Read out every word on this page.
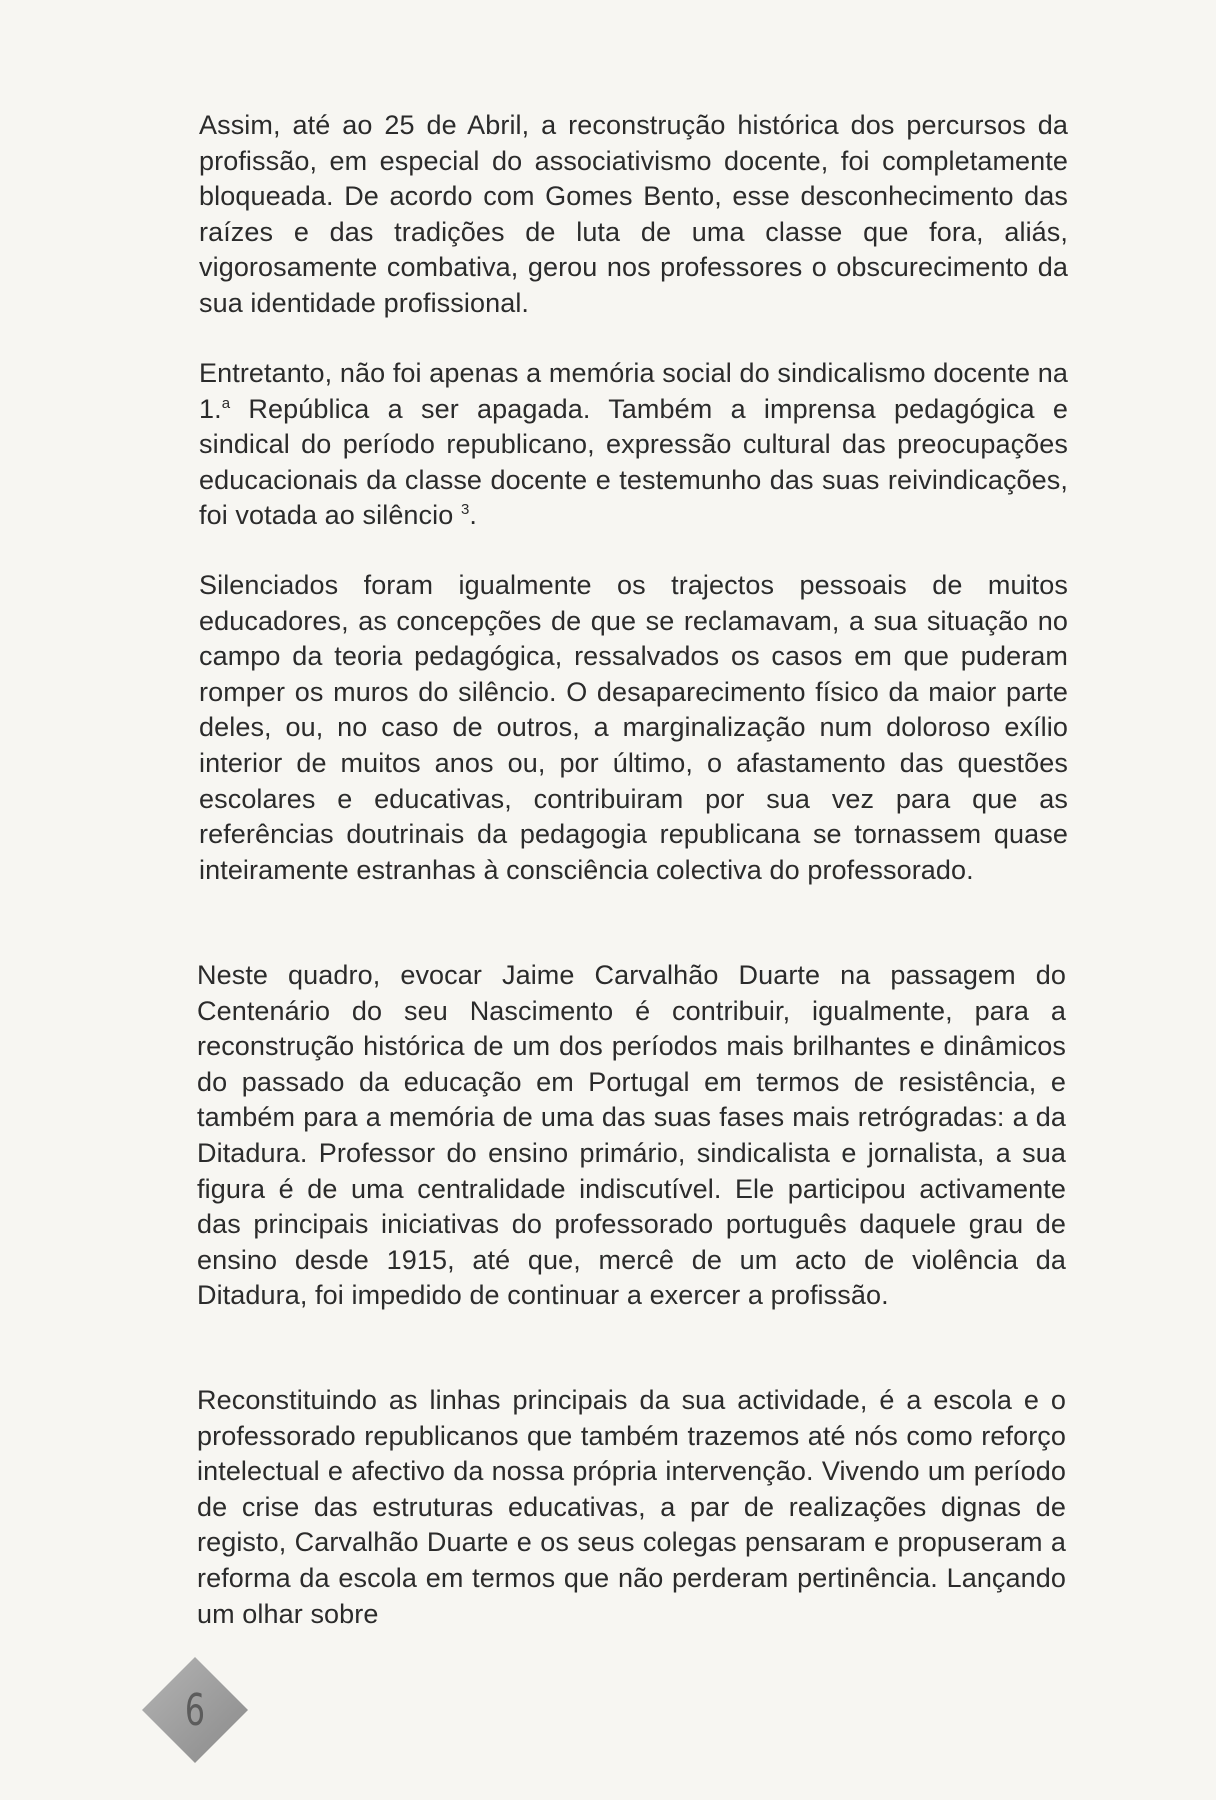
Assim, até ao 25 de Abril, a reconstrução histórica dos percursos da profissão, em especial do associativismo docente, foi completamente bloqueada. De acordo com Gomes Bento, esse desconhecimento das raízes e das tradições de luta de uma classe que fora, aliás, vigorosamente combativa, gerou nos professores o obscurecimento da sua identidade profissional.

Entretanto, não foi apenas a memória social do sindicalismo docente na 1.$^a$ República a ser apagada. Também a imprensa pedagógica e sindical do período republicano, expressão cultural das preocupações educacionais da classe docente e testemunho das suas reivindicações, foi votada ao silêncio $^3$.

Silenciados foram igualmente os trajectos pessoais de muitos educadores, as concepções de que se reclamavam, a sua situação no campo da teoria pedagógica, ressalvados os casos em que puderam romper os muros do silêncio. O desaparecimento físico da maior parte deles, ou, no caso de outros, a marginalização num doloroso exílio interior de muitos anos ou, por último, o afastamento das questões escolares e educativas, contribuiram por sua vez para que as referências doutrinais da pedagogia republicana se tornassem quase inteiramente estranhas à consciência colectiva do professorado.

Neste quadro, evocar Jaime Carvalhão Duarte na passagem do Centenário do seu Nascimento é contribuir, igualmente, para a reconstrução histórica de um dos períodos mais brilhantes e dinâmicos do passado da educação em Portugal em termos de resistência, e também para a memória de uma das suas fases mais retrógradas: a da Ditadura. Professor do ensino primário, sindicalista e jornalista, a sua figura é de uma centralidade indiscutível. Ele participou activamente das principais iniciativas do professorado português daquele grau de ensino desde 1915, até que, mercê de um acto de violência da Ditadura, foi impedido de continuar a exercer a profissão.

Reconstituindo as linhas principais da sua actividade, é a escola e o professorado republicanos que também trazemos até nós como reforço intelectual e afectivo da nossa própria intervenção. Vivendo um período de crise das estruturas educativas, a par de realizações dignas de registo, Carvalhão Duarte e os seus colegas pensaram e propuseram a reforma da escola em termos que não perderam pertinência. Lançando um olhar sobre

6
